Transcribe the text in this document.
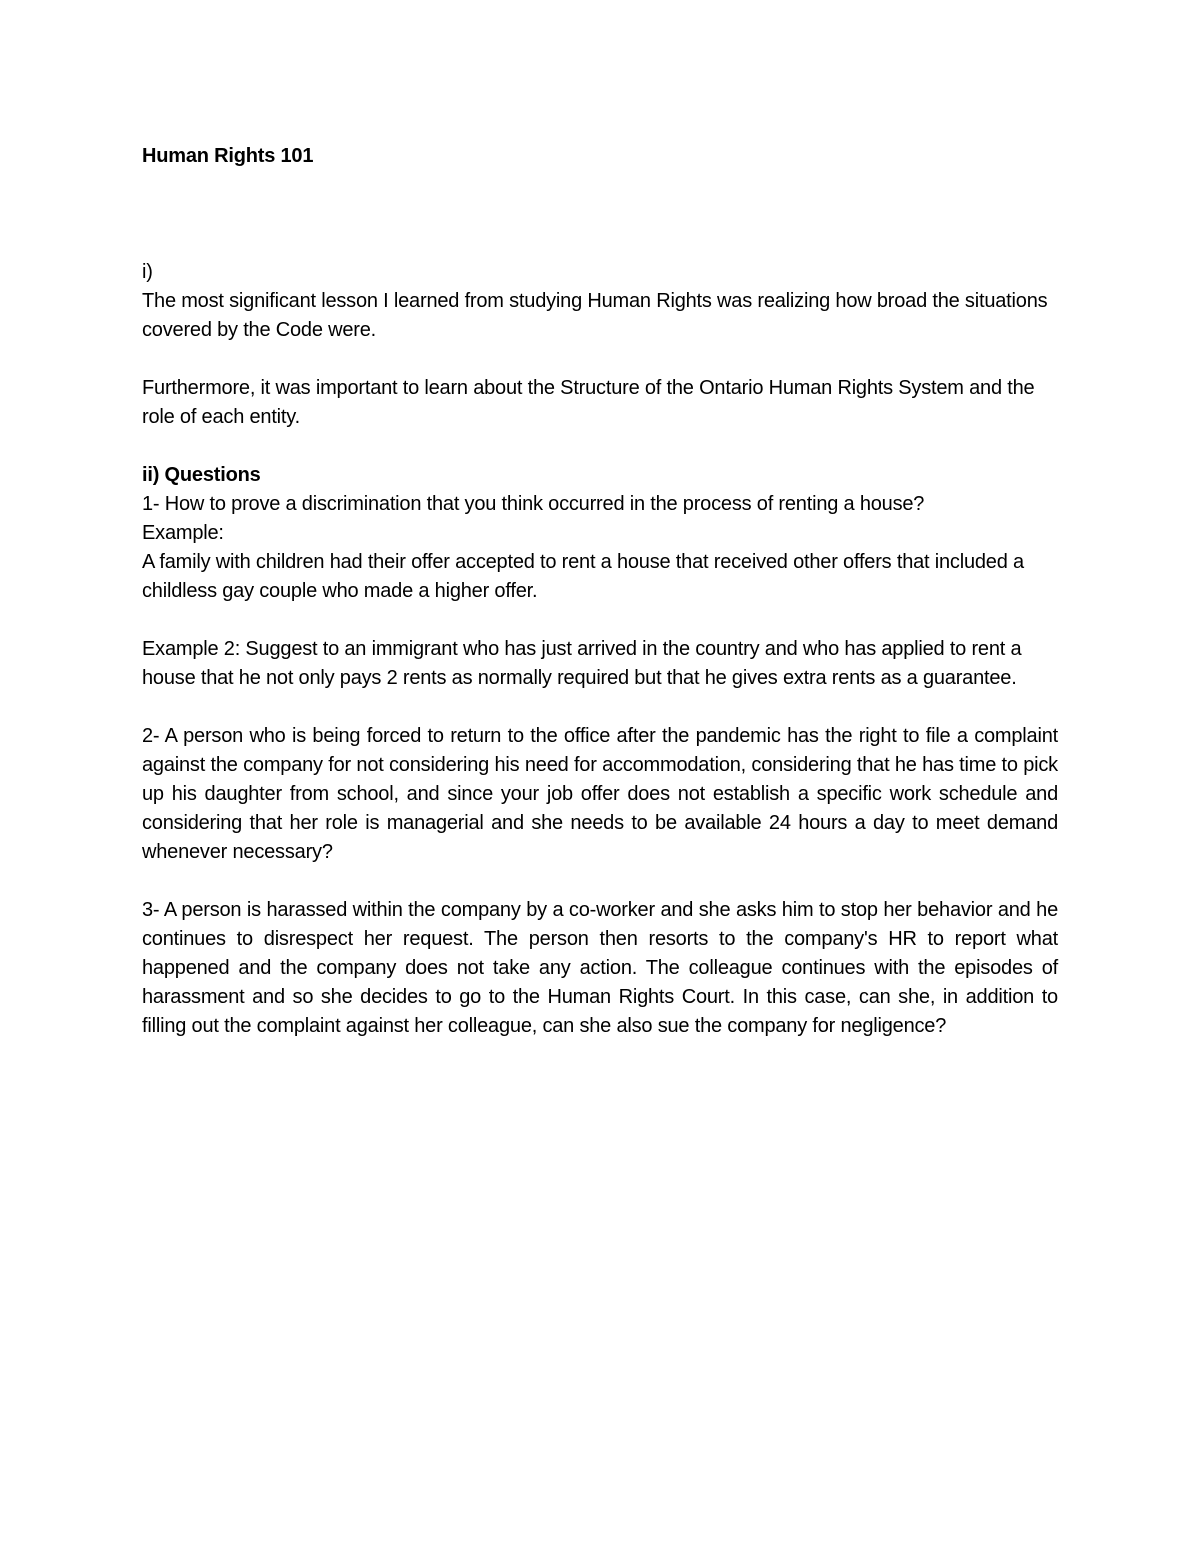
Human Rights 101

i)

The most significant lesson I learned from studying Human Rights was realizing how broad the situations covered by the Code were.

Furthermore, it was important to learn about the Structure of the Ontario Human Rights System and the role of each entity.

ii) Questions

1- How to prove a discrimination that you think occurred in the process of renting a house?

Example:

A family with children had their offer accepted to rent a house that received other offers that included a childless gay couple who made a higher offer.

Example 2: Suggest to an immigrant who has just arrived in the country and who has applied to rent a house that he not only pays 2 rents as normally required but that he gives extra rents as a guarantee.

2- A person who is being forced to return to the office after the pandemic has the right to file a complaint against the company for not considering his need for accommodation, considering that he has time to pick up his daughter from school, and since your job offer does not establish a specific work schedule and considering that her role is managerial and she needs to be available 24 hours a day to meet demand whenever necessary?

3- A person is harassed within the company by a co-worker and she asks him to stop her behavior and he continues to disrespect her request. The person then resorts to the company's HR to report what happened and the company does not take any action. The colleague continues with the episodes of harassment and so she decides to go to the Human Rights Court. In this case, can she, in addition to filling out the complaint against her colleague, can she also sue the company for negligence?
